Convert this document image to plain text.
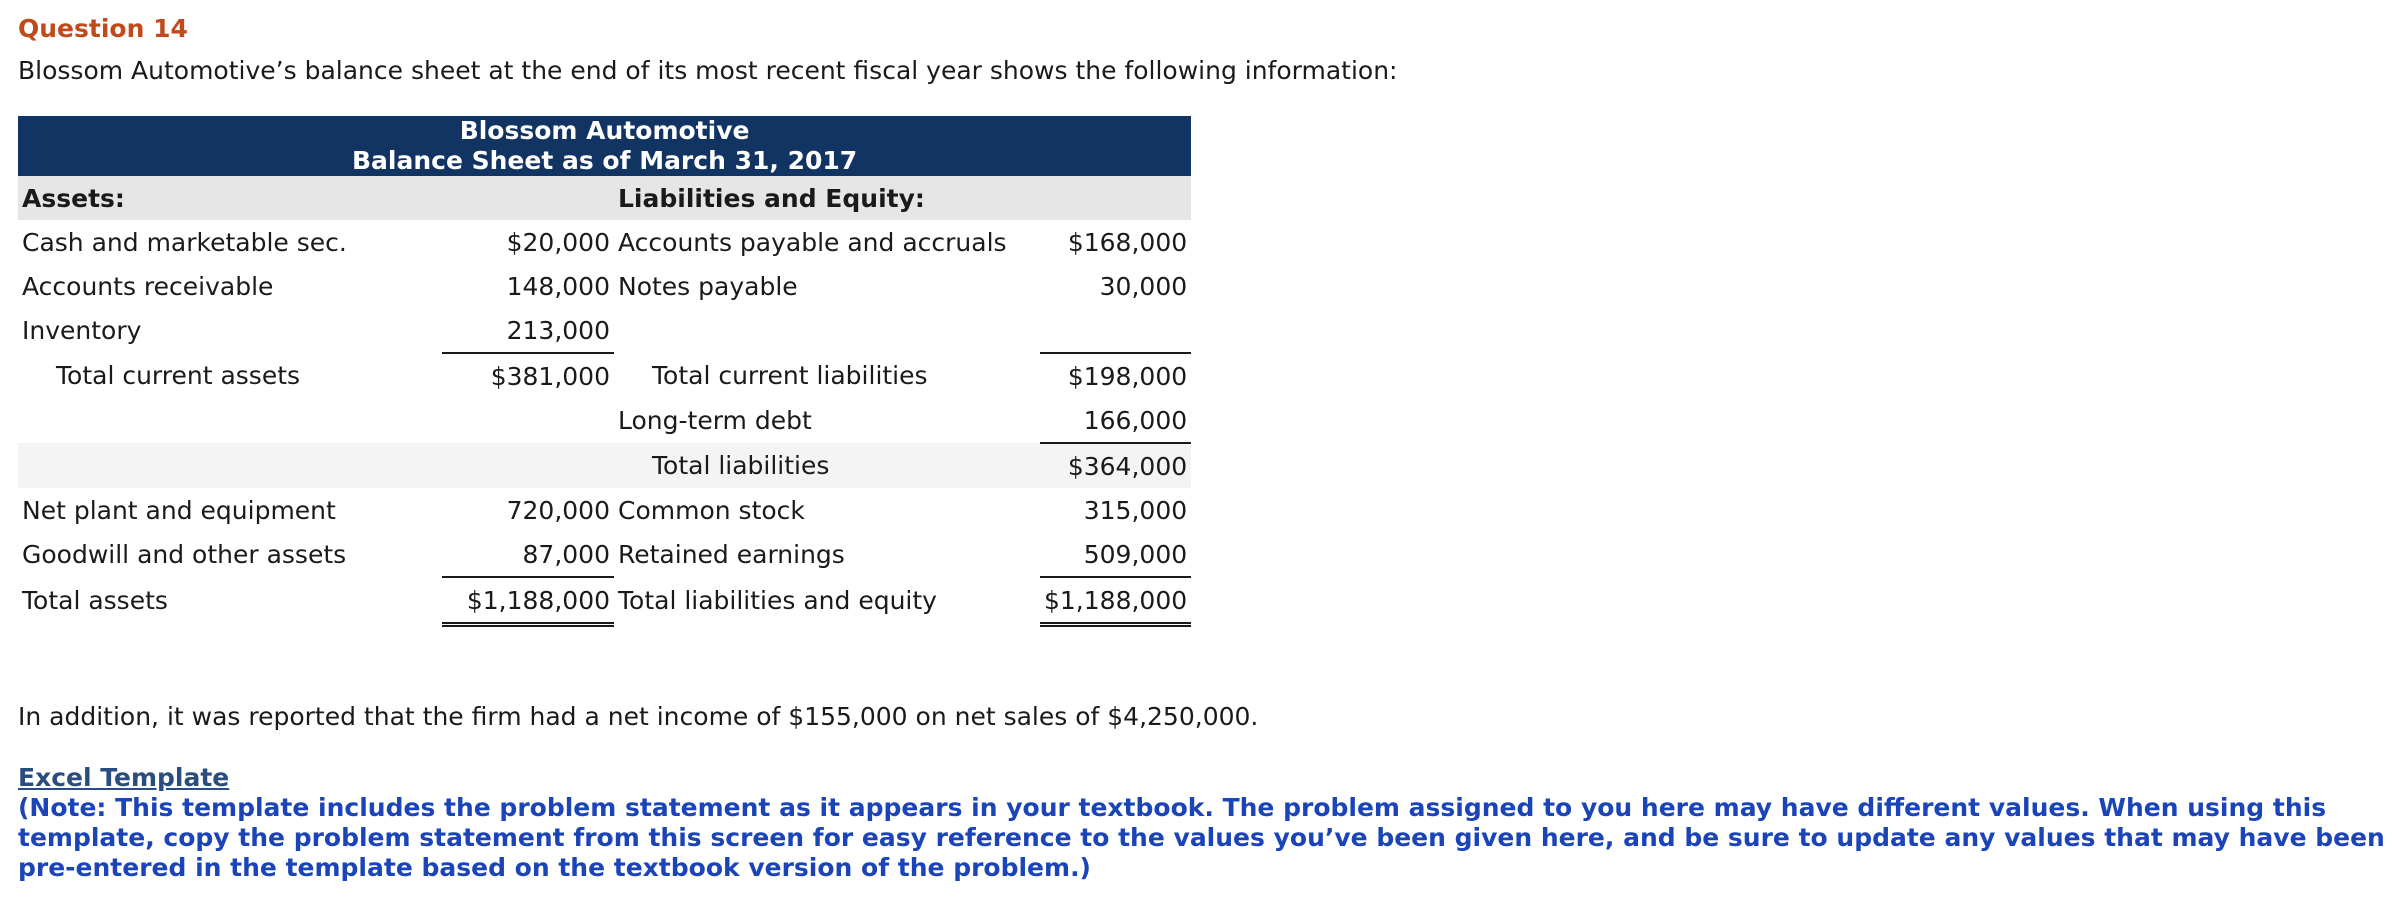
Question 14
Blossom Automotive’s balance sheet at the end of its most recent fiscal year shows the following information:
Blossom Automotive
Balance Sheet as of March 31, 2017			

Assets:		Liabilities and Equity:	
Cash and marketable sec.	$20,000	Accounts payable and accruals	$168,000
Accounts receivable	148,000	Notes payable	30,000
Inventory	213,000		
Total current assets	$381,000	Total current liabilities	$198,000
		Long-term debt	166,000
		Total liabilities	$364,000
Net plant and equipment	720,000	Common stock	315,000
Goodwill and other assets	87,000	Retained earnings	509,000
Total assets	$1,188,000	Total liabilities and equity	$1,188,000
In addition, it was reported that the firm had a net income of $155,000 on net sales of $4,250,000.
Excel Template
(Note: This template includes the problem statement as it appears in your textbook. The problem assigned to you here may have different values. When using this template, copy the problem statement from this screen for easy reference to the values you’ve been given here, and be sure to update any values that may have been pre-entered in the template based on the textbook version of the problem.)
